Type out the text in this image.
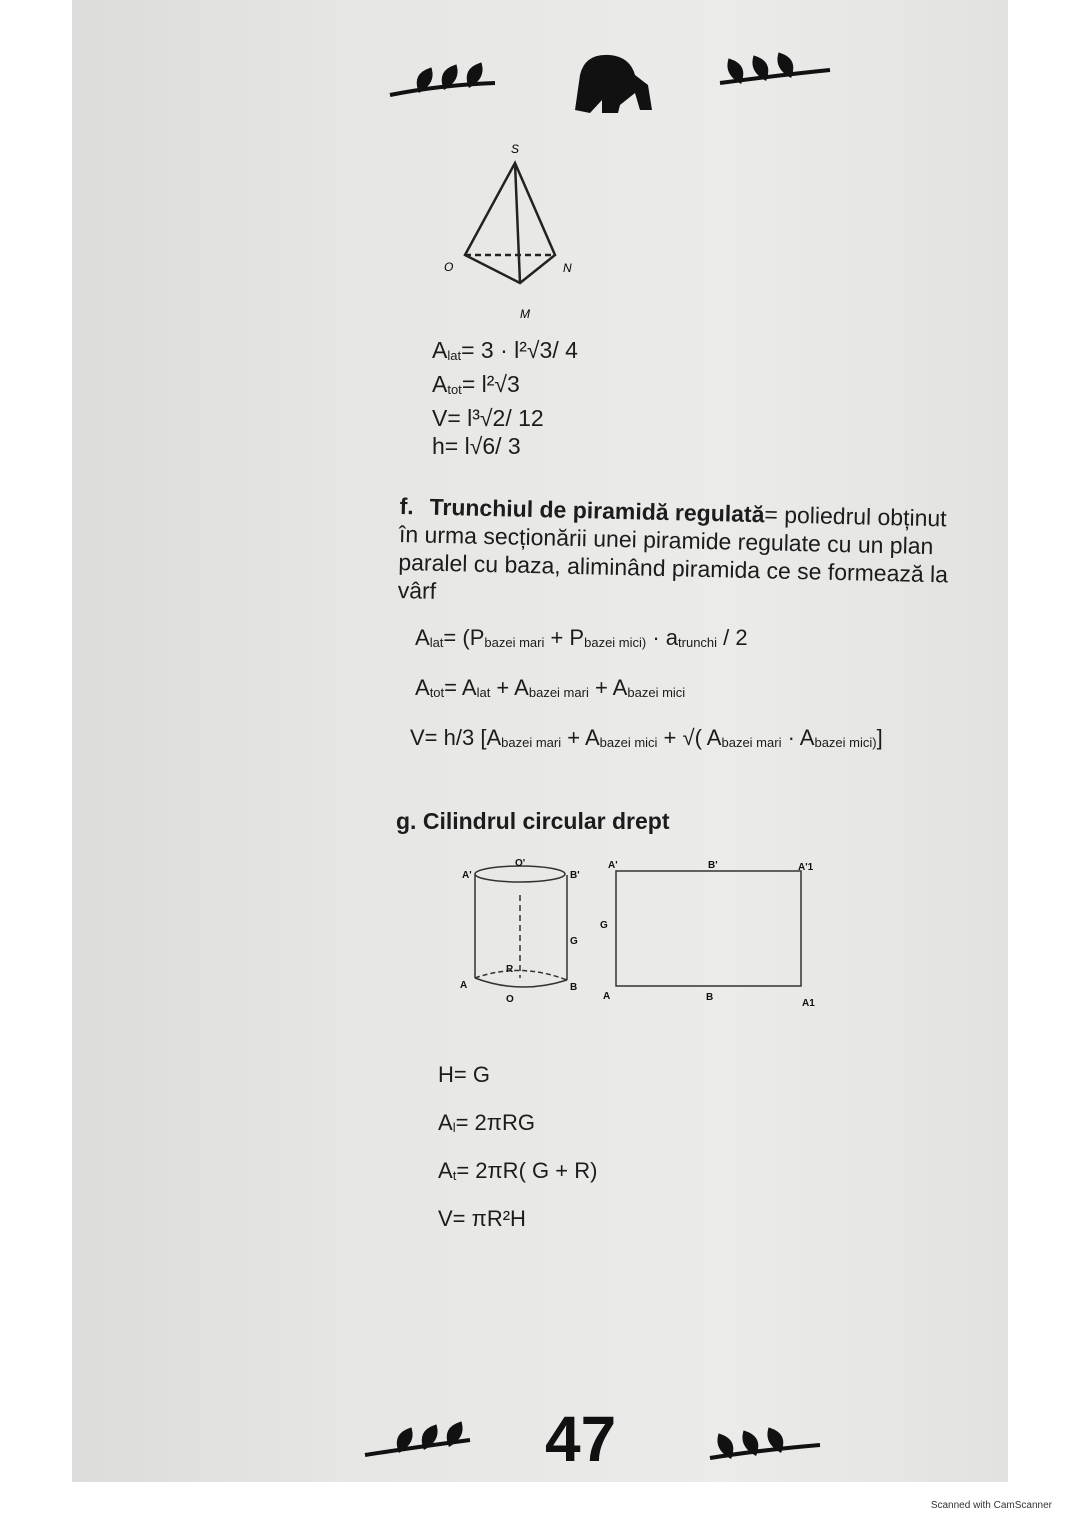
S
O	N
M
$A_{lat}= 3 \cdot l^2√3/$ 4
$A_{tot}= l^2√3$
V= l³√2/ 12
h= l√6/ 3
f. Trunchiul de piramidă regulată= poliedrul obținut în urma secționării unei piramide regulate cu un plan paralel cu baza, aliminând piramida ce se formează la vârf
$A_{lat}= (P_{bazei mari} + P_{bazei mici)} \cdot a_{trunchi} / 2$
$A_{tot}= A_{lat} + A_{bazei mari} + A_{bazei mici}$
V= h/3 [$A_{bazei mari} + A_{bazei mici}$ + √( $A_{bazei mari} \cdot A_{bazei mici)}$]
g. Cilindrul circular drept
A'
O'
B'
G
R
A	B
O
A'	B'	A'1
G
A	B
A1
H= G
$A_l= 2\pi RG$
$A_t= 2\pi R$( G + R)
V= πR²H
47
Scanned with CamScanner
